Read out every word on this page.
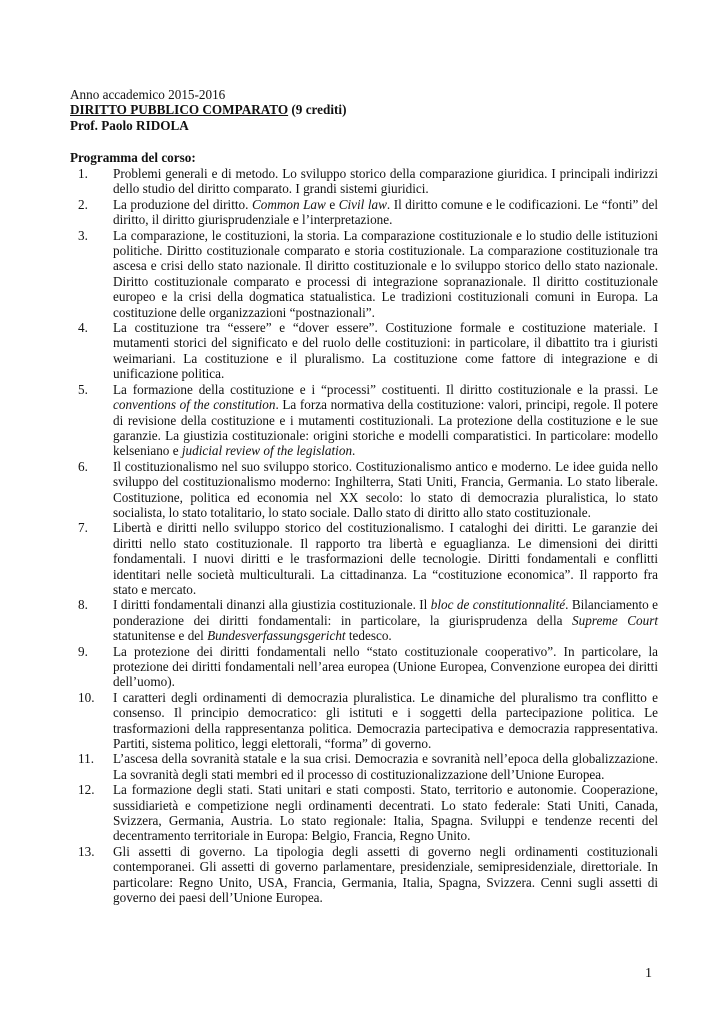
Anno accademico 2015-2016
DIRITTO PUBBLICO COMPARATO (9 crediti)
Prof. Paolo RIDOLA
Programma del corso:
1.	Problemi generali e di metodo. Lo sviluppo storico della comparazione giuridica. I principali indirizzi dello studio del diritto comparato. I grandi sistemi giuridici.
2.	La produzione del diritto. Common Law e Civil law. Il diritto comune e le codificazioni. Le “fonti” del diritto, il diritto giurisprudenziale e l’interpretazione.
3.	La comparazione, le costituzioni, la storia. La comparazione costituzionale e lo studio delle istituzioni politiche. Diritto costituzionale comparato e storia costituzionale. La comparazione costituzionale tra ascesa e crisi dello stato nazionale. Il diritto costituzionale e lo sviluppo storico dello stato nazionale. Diritto costituzionale comparato e processi di integrazione sopranazionale. Il diritto costituzionale europeo e la crisi della dogmatica statualistica. Le tradizioni costituzionali comuni in Europa. La costituzione delle organizzazioni “postnazionali”.
4.	La costituzione tra “essere” e “dover essere”. Costituzione formale e costituzione materiale. I mutamenti storici del significato e del ruolo delle costituzioni: in particolare, il dibattito tra i giuristi weimariani. La costituzione e il pluralismo. La costituzione come fattore di integrazione e di unificazione politica.
5.	La formazione della costituzione e i “processi” costituenti. Il diritto costituzionale e la prassi. Le conventions of the constitution. La forza normativa della costituzione: valori, principi, regole. Il potere di revisione della costituzione e i mutamenti costituzionali. La protezione della costituzione e le sue garanzie. La giustizia costituzionale: origini storiche e modelli comparatistici. In particolare: modello kelseniano e judicial review of the legislation.
6.	Il costituzionalismo nel suo sviluppo storico. Costituzionalismo antico e moderno. Le idee guida nello sviluppo del costituzionalismo moderno: Inghilterra, Stati Uniti, Francia, Germania. Lo stato liberale. Costituzione, politica ed economia nel XX secolo: lo stato di democrazia pluralistica, lo stato socialista, lo stato totalitario, lo stato sociale. Dallo stato di diritto allo stato costituzionale.
7.	Libertà e diritti nello sviluppo storico del costituzionalismo. I cataloghi dei diritti. Le garanzie dei diritti nello stato costituzionale. Il rapporto tra libertà e eguaglianza. Le dimensioni dei diritti fondamentali. I nuovi diritti e le trasformazioni delle tecnologie. Diritti fondamentali e conflitti identitari nelle società multiculturali. La cittadinanza. La “costituzione economica”. Il rapporto fra stato e mercato.
8.	I diritti fondamentali dinanzi alla giustizia costituzionale. Il bloc de constitutionnalité. Bilanciamento e ponderazione dei diritti fondamentali: in particolare, la giurisprudenza della Supreme Court statunitense e del Bundesverfassungsgericht tedesco.
9.	La protezione dei diritti fondamentali nello “stato costituzionale cooperativo”. In particolare, la protezione dei diritti fondamentali nell’area europea (Unione Europea, Convenzione europea dei diritti dell’uomo).
10.	I caratteri degli ordinamenti di democrazia pluralistica. Le dinamiche del pluralismo tra conflitto e consenso. Il principio democratico: gli istituti e i soggetti della partecipazione politica. Le trasformazioni della rappresentanza politica. Democrazia partecipativa e democrazia rappresentativa. Partiti, sistema politico, leggi elettorali, “forma” di governo.
11.	L’ascesa della sovranità statale e la sua crisi. Democrazia e sovranità nell’epoca della globalizzazione. La sovranità degli stati membri ed il processo di costituzionalizzazione dell’Unione Europea.
12.	La formazione degli stati. Stati unitari e stati composti. Stato, territorio e autonomie. Cooperazione, sussidiarietà e competizione negli ordinamenti decentrati. Lo stato federale: Stati Uniti, Canada, Svizzera, Germania, Austria. Lo stato regionale: Italia, Spagna. Sviluppi e tendenze recenti del decentramento territoriale in Europa: Belgio, Francia, Regno Unito.
13.	Gli assetti di governo. La tipologia degli assetti di governo negli ordinamenti costituzionali contemporanei. Gli assetti di governo parlamentare, presidenziale, semipresidenziale, direttoriale. In particolare: Regno Unito, USA, Francia, Germania, Italia, Spagna, Svizzera. Cenni sugli assetti di governo dei paesi dell’Unione Europea.
1
